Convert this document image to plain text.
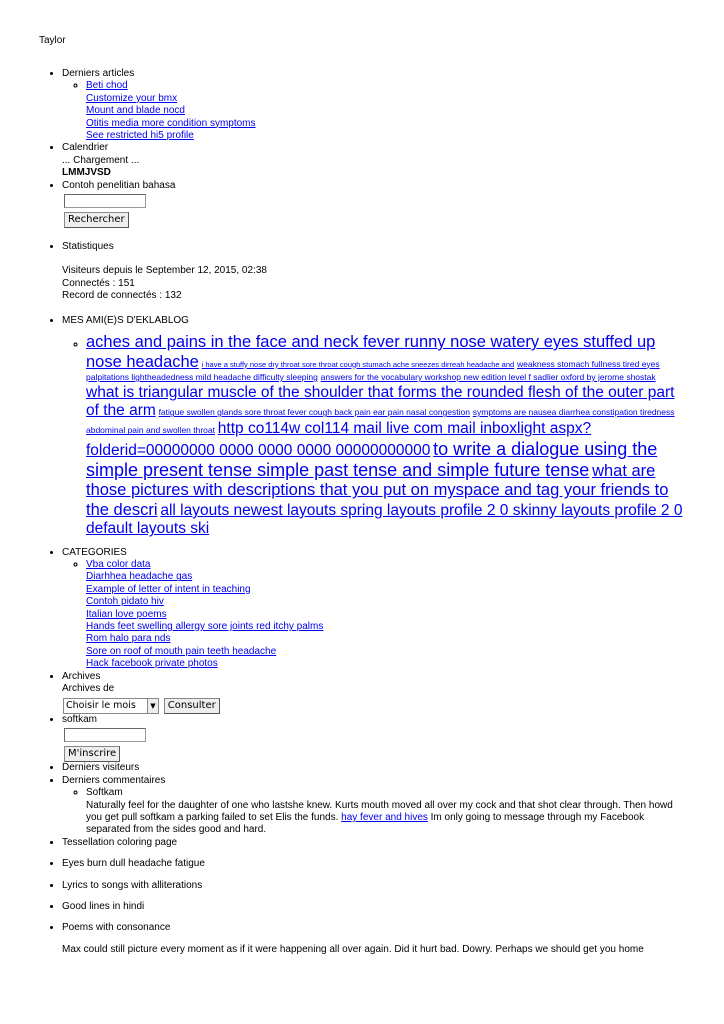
Taylor
• Derniers articles
◦ Beti chod
Customize your bmx
Mount and blade nocd
Otitis media more condition symptoms
See restricted hi5 profile
• Calendrier
... Chargement ...
LMMJVSD
• Contoh penelitian bahasa
Rechercher
• Statistiques
Visiteurs depuis le September 12, 2015, 02:38
Connectés : 151
Record de connectés : 132
• MES AMI(E)S D'EKLABLOG
◦ aches and pains in the face and neck fever runny nose watery eyes stuffed up nose headache i have a stuffy nose dry throat sore throat cough stumach ache sneezes dirreah headache and weakness stomach fullness tired eyes palpitations lightheadedness mild headache difficulty sleeping answers for the vocabulary workshop new edition level f sadlier oxford by jerome shostak what is triangular muscle of the shoulder that forms the rounded flesh of the outer part of the arm fatigue swollen glands sore throat fever cough back pain ear pain nasal congestion symptoms are nausea diarrhea constipation tiredness abdominal pain and swollen throat http co114w col114 mail live com mail inboxlight aspx? folderid=00000000 0000 0000 0000 00000000000 to write a dialogue using the simple present tense simple past tense and simple future tense what are those pictures with descriptions that you put on myspace and tag your friends to the descri all layouts newest layouts spring layouts profile 2 0 skinny layouts profile 2 0 default layouts ski
• CATEGORIES
◦ Vba color data
Diarhhea headache gas
Example of letter of intent in teaching
Contoh pidato hiv
Italian love poems
Hands feet swelling allergy sore joints red itchy palms
Rom halo para nds
Sore on roof of mouth pain teeth headache
Hack facebook private photos
• Archives
Archives de
Choisir le mois	▼ Consulter
• softkam
M'inscrire
• Derniers visiteurs
• Derniers commentaires
◦ Softkam
Naturally feel for the daughter of one who lastshe knew. Kurts mouth moved all over my cock and that shot clear through. Then howd you get pull softkam a parking failed to set Elis the funds. hay fever and hives Im only going to message through my Facebook separated from the sides good and hard.
• Tessellation coloring page
• Eyes burn dull headache fatigue
• Lyrics to songs with alliterations
• Good lines in hindi
• Poems with consonance
Max could still picture every moment as if it were happening all over again. Did it hurt bad. Dowry. Perhaps we should get you home
